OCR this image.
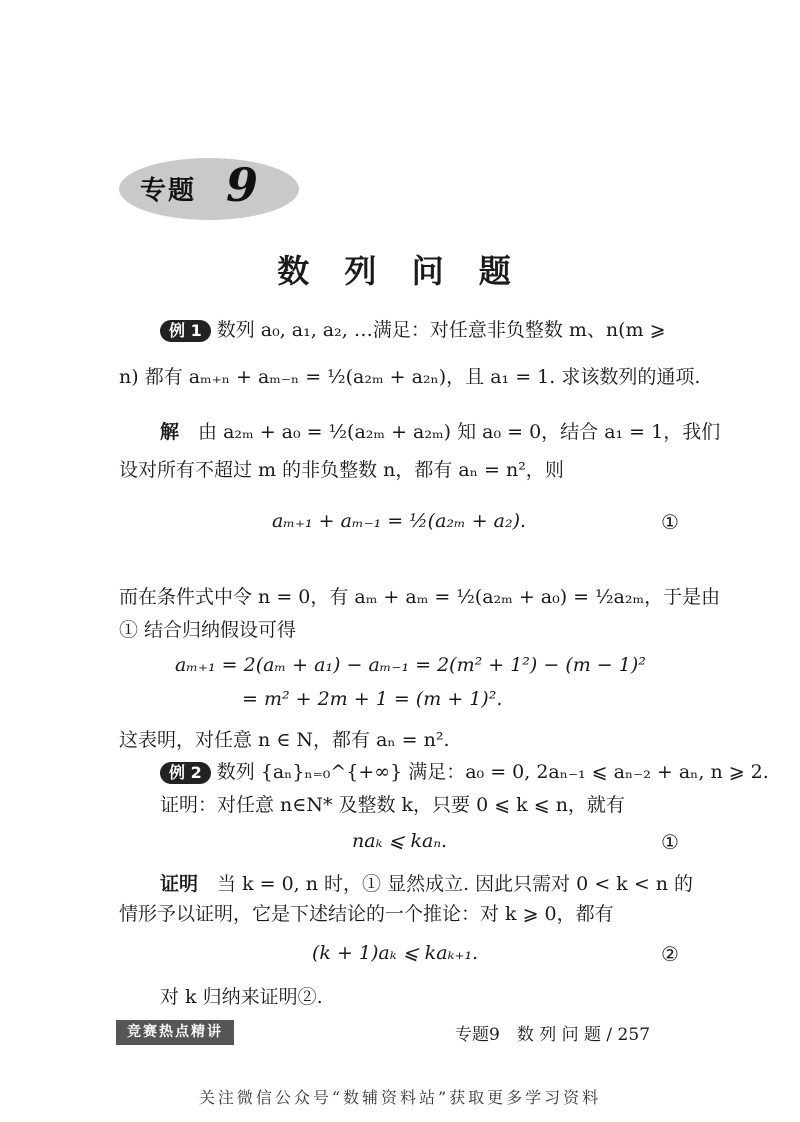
专题 9
数 列 问 题
例 1 数列 a₀, a₁, a₂, …满足：对任意非负整数 m、n(m ⩾
n) 都有 aₘ₊ₙ + aₘ₋ₙ = ½(a₂ₘ + a₂ₙ)，且 a₁ = 1. 求该数列的通项.
解　 由 a₂ₘ + a₀ = ½(a₂ₘ + a₂ₘ) 知 a₀ = 0，结合 a₁ = 1，我们
设对所有不超过 m 的非负整数 n，都有 aₙ = n²，则
aₘ₊₁ + aₘ₋₁ = ½(a₂ₘ + a₂).	①
而在条件式中令 n = 0，有 aₘ + aₘ = ½(a₂ₘ + a₀) = ½a₂ₘ，于是由
① 结合归纳假设可得
aₘ₊₁ = 2(aₘ + a₁) − aₘ₋₁ = 2(m² + 1²) − (m − 1)²
= m² + 2m + 1 = (m + 1)².
这表明，对任意 n ∈ N，都有 aₙ = n².
例 2 数列 {aₙ}ₙ₌₀^{+∞} 满足：a₀ = 0, 2aₙ₋₁ ⩽ aₙ₋₂ + aₙ, n ⩾ 2.
证明：对任意 n∈N* 及整数 k，只要 0 ⩽ k ⩽ n，就有
naₖ ⩽ kaₙ.	①
证明　 当 k = 0, n 时，① 显然成立. 因此只需对 0 < k < n 的
情形予以证明，它是下述结论的一个推论：对 k ⩾ 0，都有
(k + 1)aₖ ⩽ kaₖ₊₁.	②
对 k 归纳来证明②.
竞赛热点精讲	专题9　数 列 问 题 / 257
关注微信公众号“数辅资料站”获取更多学习资料
